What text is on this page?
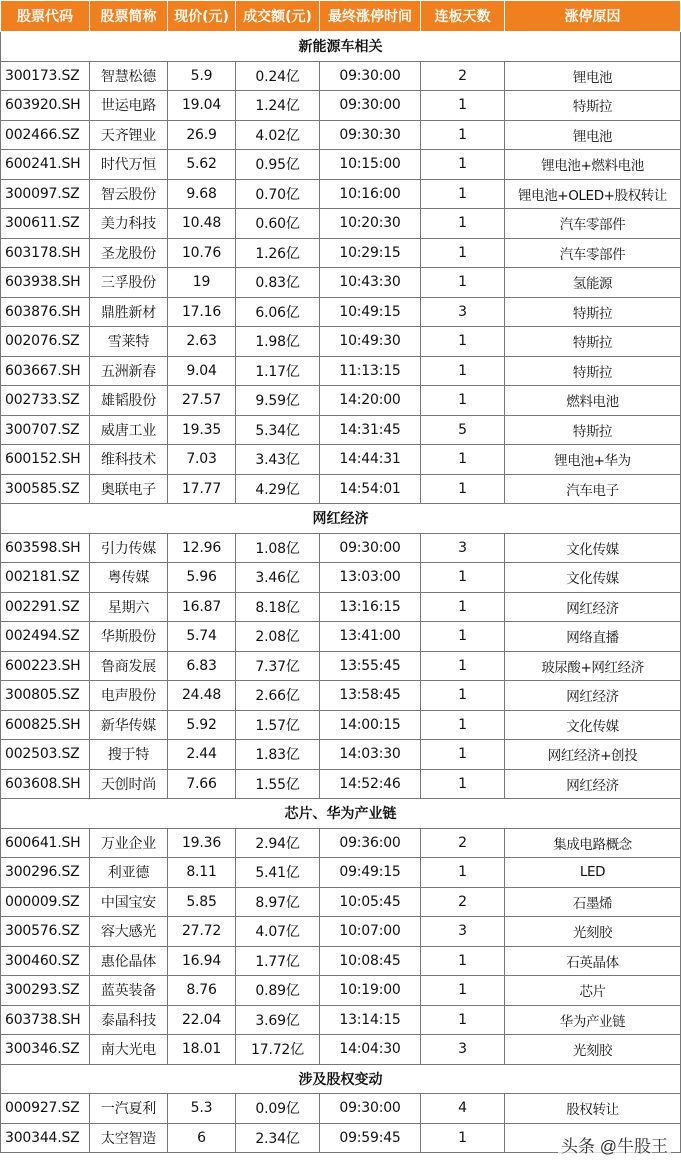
股票代码	股票简称	现价(元)	成交额(元)	最终涨停时间	连板天数	涨停原因
新能源车相关						
300173.SZ	智慧松德	5.9	0.24亿	09:30:00	2	锂电池
603920.SH	世运电路	19.04	1.24亿	09:30:00	1	特斯拉
002466.SZ	天齐锂业	26.9	4.02亿	09:30:30	1	锂电池
600241.SH	时代万恒	5.62	0.95亿	10:15:00	1	锂电池+燃料电池
300097.SZ	智云股份	9.68	0.70亿	10:16:00	1	锂电池+OLED+股权转让
300611.SZ	美力科技	10.48	0.60亿	10:20:30	1	汽车零部件
603178.SH	圣龙股份	10.76	1.26亿	10:29:15	1	汽车零部件
603938.SH	三孚股份	19	0.83亿	10:43:30	1	氢能源
603876.SH	鼎胜新材	17.16	6.06亿	10:49:15	3	特斯拉
002076.SZ	雪莱特	2.63	1.98亿	10:49:30	1	特斯拉
603667.SH	五洲新春	9.04	1.17亿	11:13:15	1	特斯拉
002733.SZ	雄韬股份	27.57	9.59亿	14:20:00	1	燃料电池
300707.SZ	威唐工业	19.35	5.34亿	14:31:45	5	特斯拉
600152.SH	维科技术	7.03	3.43亿	14:44:31	1	锂电池+华为
300585.SZ	奥联电子	17.77	4.29亿	14:54:01	1	汽车电子
网红经济						
603598.SH	引力传媒	12.96	1.08亿	09:30:00	3	文化传媒
002181.SZ	粤传媒	5.96	3.46亿	13:03:00	1	文化传媒
002291.SZ	星期六	16.87	8.18亿	13:16:15	1	网红经济
002494.SZ	华斯股份	5.74	2.08亿	13:41:00	1	网络直播
600223.SH	鲁商发展	6.83	7.37亿	13:55:45	1	玻尿酸+网红经济
300805.SZ	电声股份	24.48	2.66亿	13:58:45	1	网红经济
600825.SH	新华传媒	5.92	1.57亿	14:00:15	1	文化传媒
002503.SZ	搜于特	2.44	1.83亿	14:03:30	1	网红经济+创投
603608.SH	天创时尚	7.66	1.55亿	14:52:46	1	网红经济
芯片、华为产业链						
600641.SH	万业企业	19.36	2.94亿	09:36:00	2	集成电路概念
300296.SZ	利亚德	8.11	5.41亿	09:49:15	1	LED
000009.SZ	中国宝安	5.85	8.97亿	10:05:45	2	石墨烯
300576.SZ	容大感光	27.72	4.07亿	10:07:00	3	光刻胶
300460.SZ	惠伦晶体	16.94	1.77亿	10:08:45	1	石英晶体
300293.SZ	蓝英装备	8.76	0.89亿	10:19:00	1	芯片
603738.SH	泰晶科技	22.04	3.69亿	13:14:15	1	华为产业链
300346.SZ	南大光电	18.01	17.72亿	14:04:30	3	光刻胶
涉及股权变动						
000927.SZ	一汽夏利	5.3	0.09亿	09:30:00	4	股权转让
300344.SZ	太空智造	6	2.34亿	09:59:45	1		头条 @牛股王
